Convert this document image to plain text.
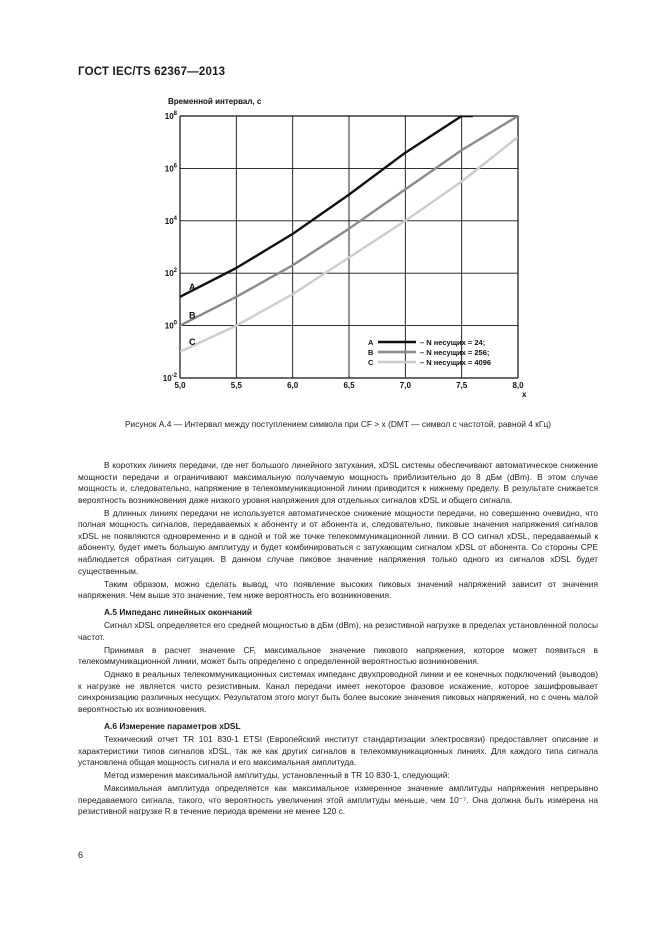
ГОСТ IEC/TS 62367—2013
A	– N несущих = 24;
B	– N несущих = 256;
C	– N несущих = 4096
5,0	5,5	6,0	6,5	7,0	7,5	8,0
$10^8$
$10^6$
$10^4$
$10^2$
$10^0$
$10^{-2}$
Временной интервал, с
x
A
B
C
Рисунок А.4 — Интервал между поступлением символа при CF > x (DMT — символ с частотой, равной 4 кГц)

В коротких линиях передачи, где нет большого линейного затухания, xDSL системы обеспечивают автоматическое снижение мощности передачи и ограничивают максимальную получаемую мощность приблизительно до 8 дБм (dBm). В этом случае мощность и, следовательно, напряжение в телекоммуникационной линии приводится к нижнему пределу. В результате снижается вероятность возникновения даже низкого уровня напряжения для отдельных сигналов xDSL и общего сигнала.

В длинных линиях передачи не используется автоматическое снижение мощности передачи, но совершенно очевидно, что полная мощность сигналов, передаваемых к абоненту и от абонента и, следовательно, пиковые значения напряжения сигналов xDSL не появляются одновременно и в одной и той же точке телекоммуникационной линии. В CO сигнал xDSL, передаваемый к абоненту, будет иметь большую амплитуду и будет комбинироваться с затухающим сигналом xDSL от абонента. Со стороны CPE наблюдается обратная ситуация. В данном случае пиковое значение напряжения только одного из сигналов xDSL будет существенным.

Таким образом, можно сделать вывод, что появление высоких пиковых значений напряжений зависит от значения напряжения. Чем выше это значение, тем ниже вероятность его возникновения.

А.5 Импеданс линейных окончаний

Сигнал xDSL определяется его средней мощностью в дБм (dBm), на резистивной нагрузке в пределах установленной полосы частот.

Принимая в расчет значение CF, максимальное значение пикового напряжения, которое может появиться в телекоммуникационной линии, может быть определено с определенной вероятностью возникновения.

Однако в реальных телекоммуникационных системах импеданс двухпроводной линии и ее конечных подключений (выводов) к нагрузке не является чисто резистивным. Канал передачи имеет некоторое фазовое искажение, которое зашифровывает синхронизацию различных несущих. Результатом этого могут быть более высокие значения пиковых напряжений, но с очень малой вероятностью их возникновения.

А.6 Измерение параметров xDSL

Технический отчет TR 101 830-1 ETSI (Европейский институт стандартизации электросвязи) предоставляет описание и характеристики типов сигналов xDSL, так же как других сигналов в телекоммуникационных линиях. Для каждого типа сигнала установлена общая мощность сигнала и его максимальная амплитуда.

Метод измерения максимальной амплитуды, установленный в TR 10 830-1, следующий:

Максимальная амплитуда определяется как максимальное измеренное значение амплитуды напряжения непрерывно передаваемого сигнала, такого, что вероятность увеличения этой амплитуды меньше, чем 10⁻⁷. Она должна быть измерена на резистивной нагрузке R в течение периода времени не менее 120 с.

6
